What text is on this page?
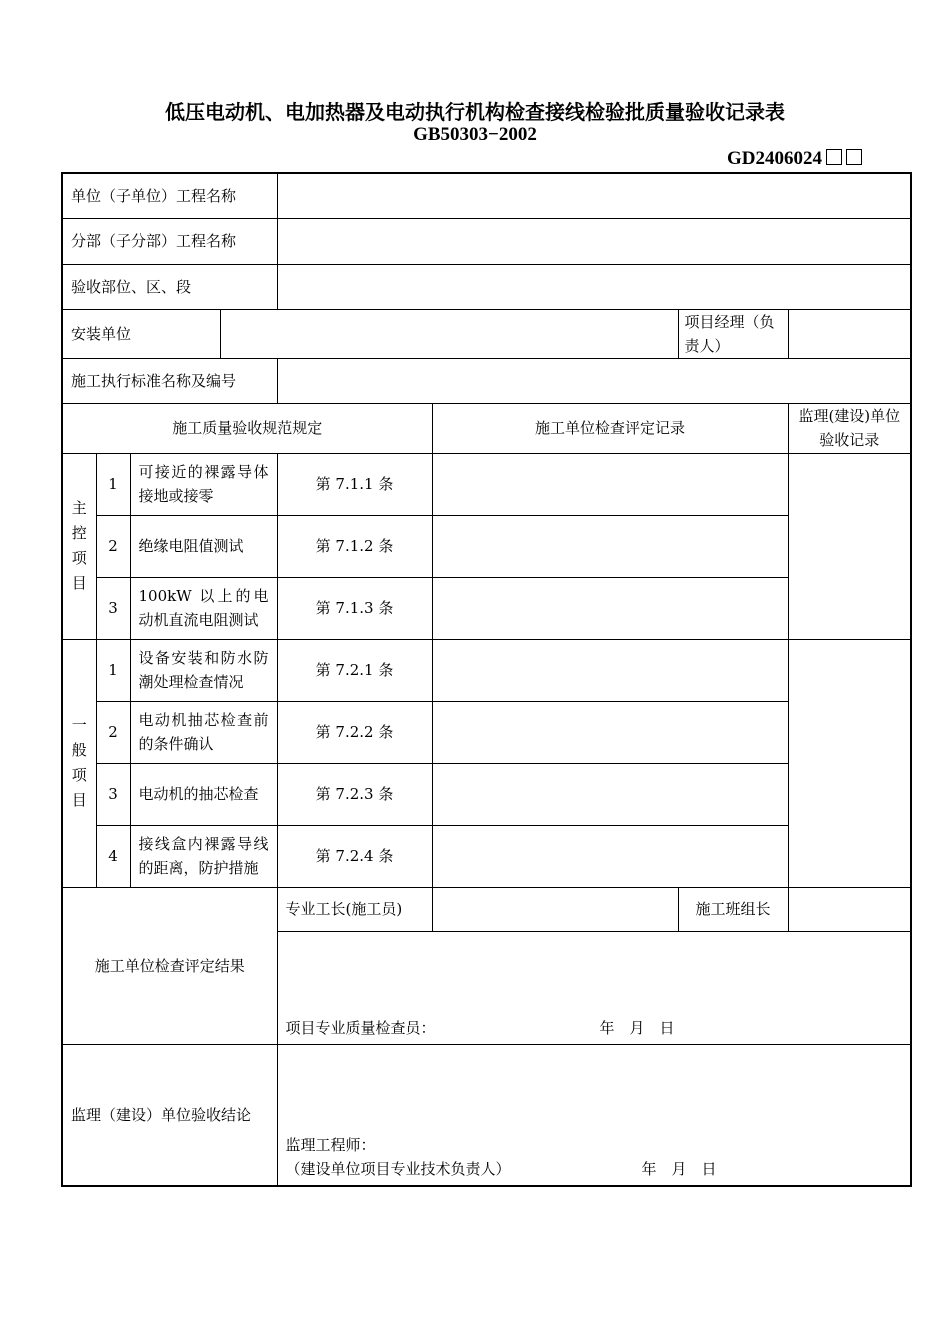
低压电动机、电加热器及电动执行机构检查接线检验批质量验收记录表
GB50303−2002
GD2406024
单位（子单位）工程名称							
分部（子分部）工程名称							
验收部位、区、段							
安装单位						项目经理（负责人）	
施工执行标准名称及编号							
施工质量验收规范规定					施工单位检查评定记录		监理(建设)单位验收记录
主控项目	1	可接近的裸露导体接地或接零		第 7.1.1 条			
	2	绝缘电阻值测试		第 7.1.2 条			
	3	100kW 以上的电动机直流电阻测试		第 7.1.3 条			
一般项目	1	设备安装和防水防潮处理检查情况		第 7.2.1 条			
	2	电动机抽芯检查前的条件确认		第 7.2.2 条			
	3	电动机的抽芯检查		第 7.2.3 条			
	4	接线盒内裸露导线的距离，防护措施		第 7.2.4 条			
施工单位检查评定结果				专业工长(施工员)		施工班组长	
				项目专业质量检查员： 年　月　日			
监理（建设）单位验收结论				监理工程师：
（建设单位项目专业技术负责人） 年　月　日			
